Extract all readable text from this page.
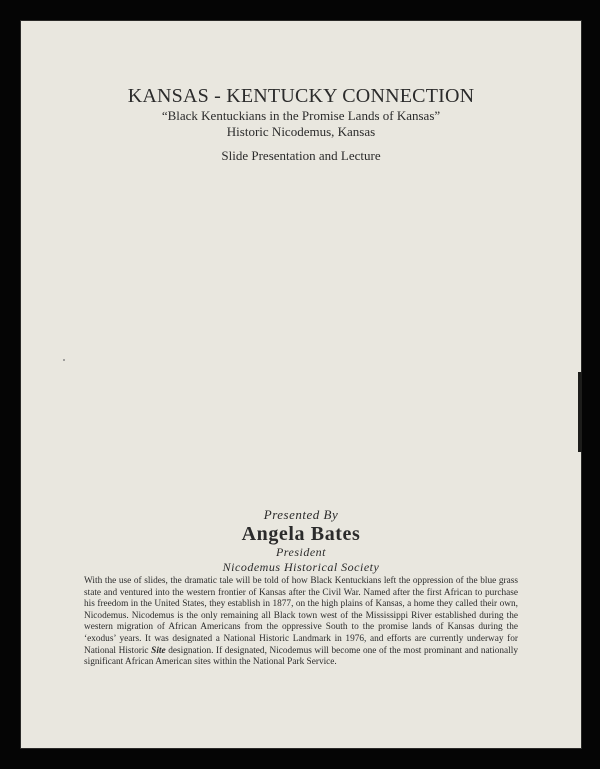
KANSAS - KENTUCKY CONNECTION
“Black Kentuckians in the Promise Lands of Kansas”
Historic Nicodemus, Kansas
Slide Presentation and Lecture
Presented By
Angela Bates
President
Nicodemus Historical Society
With the use of slides, the dramatic tale will be told of how Black Kentuckians left the oppression of the blue grass state and ventured into the western frontier of Kansas after the Civil War. Named after the first African to purchase his freedom in the United States, they establish in 1877, on the high plains of Kansas, a home they called their own, Nicodemus. Nicodemus is the only remaining all Black town west of the Mississippi River established during the western migration of African Americans from the oppressive South to the promise lands of Kansas during the ‘exodus’ years. It was designated a National Historic Landmark in 1976, and efforts are currently underway for National Historic Site designation. If designated, Nicodemus will become one of the most prominant and nationally significant African American sites within the National Park Service.
